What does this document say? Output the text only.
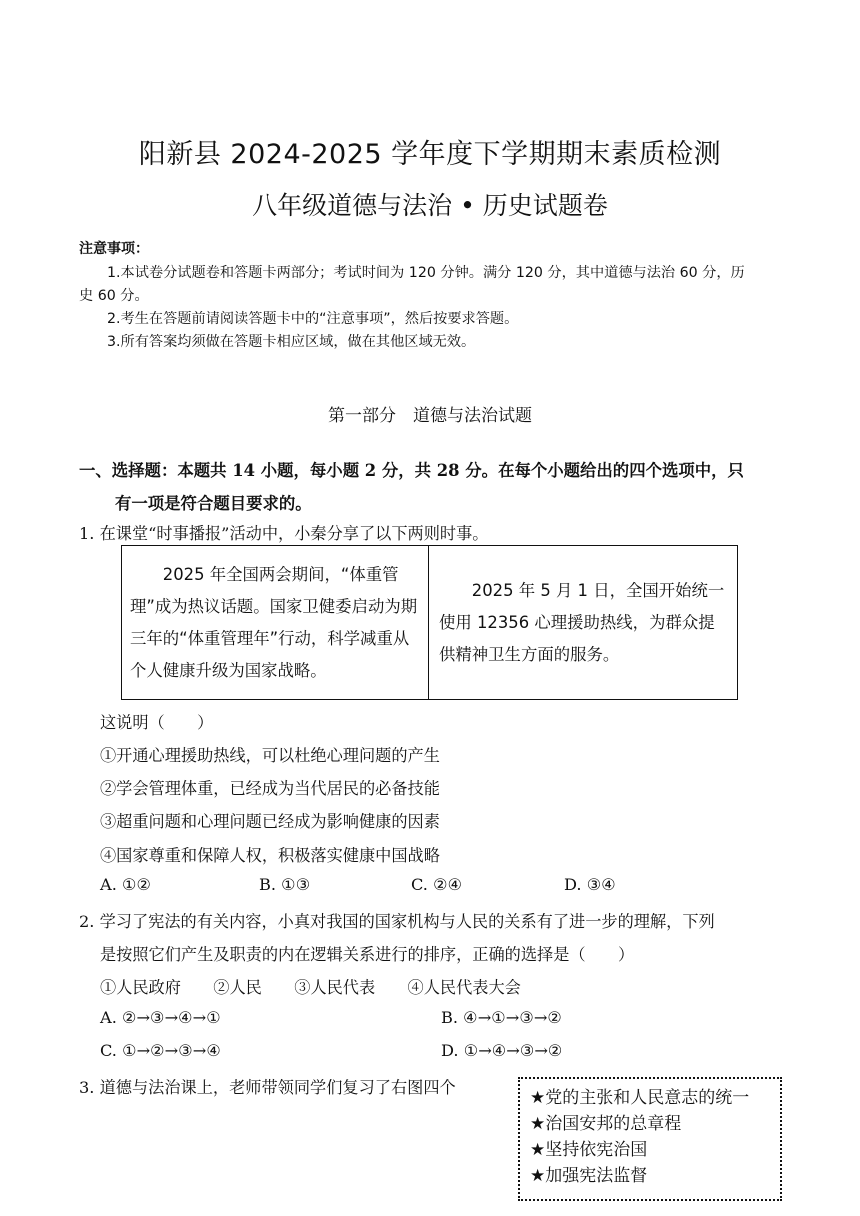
阳新县 2024-2025 学年度下学期期末素质检测
八年级道德与法治 • 历史试题卷
注意事项：
1.本试卷分试题卷和答题卡两部分；考试时间为 120 分钟。满分 120 分，其中道德与法治 60 分，历
史 60 分。
2.考生在答题前请阅读答题卡中的“注意事项”，然后按要求答题。
3.所有答案均须做在答题卡相应区域，做在其他区域无效。
第一部分　道德与法治试题
一、选择题：本题共 14 小题，每小题 2 分，共 28 分。在每个小题给出的四个选项中，只
有一项是符合题目要求的。
1. 在课堂“时事播报”活动中，小秦分享了以下两则时事。
2025 年全国两会期间，“体重管理”成为热议话题。国家卫健委启动为期三年的“体重管理年”行动，科学减重从个人健康升级为国家战略。
2025 年 5 月 1 日，全国开始统一使用 12356 心理援助热线，为群众提供精神卫生方面的服务。
这说明（　　）
①开通心理援助热线，可以杜绝心理问题的产生
②学会管理体重，已经成为当代居民的必备技能
③超重问题和心理问题已经成为影响健康的因素
④国家尊重和保障人权，积极落实健康中国战略
A. ①②	B. ①③	C. ②④	D. ③④
2. 学习了宪法的有关内容，小真对我国的国家机构与人民的关系有了进一步的理解，下列
是按照它们产生及职责的内在逻辑关系进行的排序，正确的选择是（　　）
①人民政府　　②人民　　③人民代表　　④人民代表大会
A. ②→③→④→①	B. ④→①→③→②
C. ①→②→③→④	D. ①→④→③→②
3. 道德与法治课上，老师带领同学们复习了右图四个
★党的主张和人民意志的统一
★治国安邦的总章程
★坚持依宪治国
★加强宪法监督
